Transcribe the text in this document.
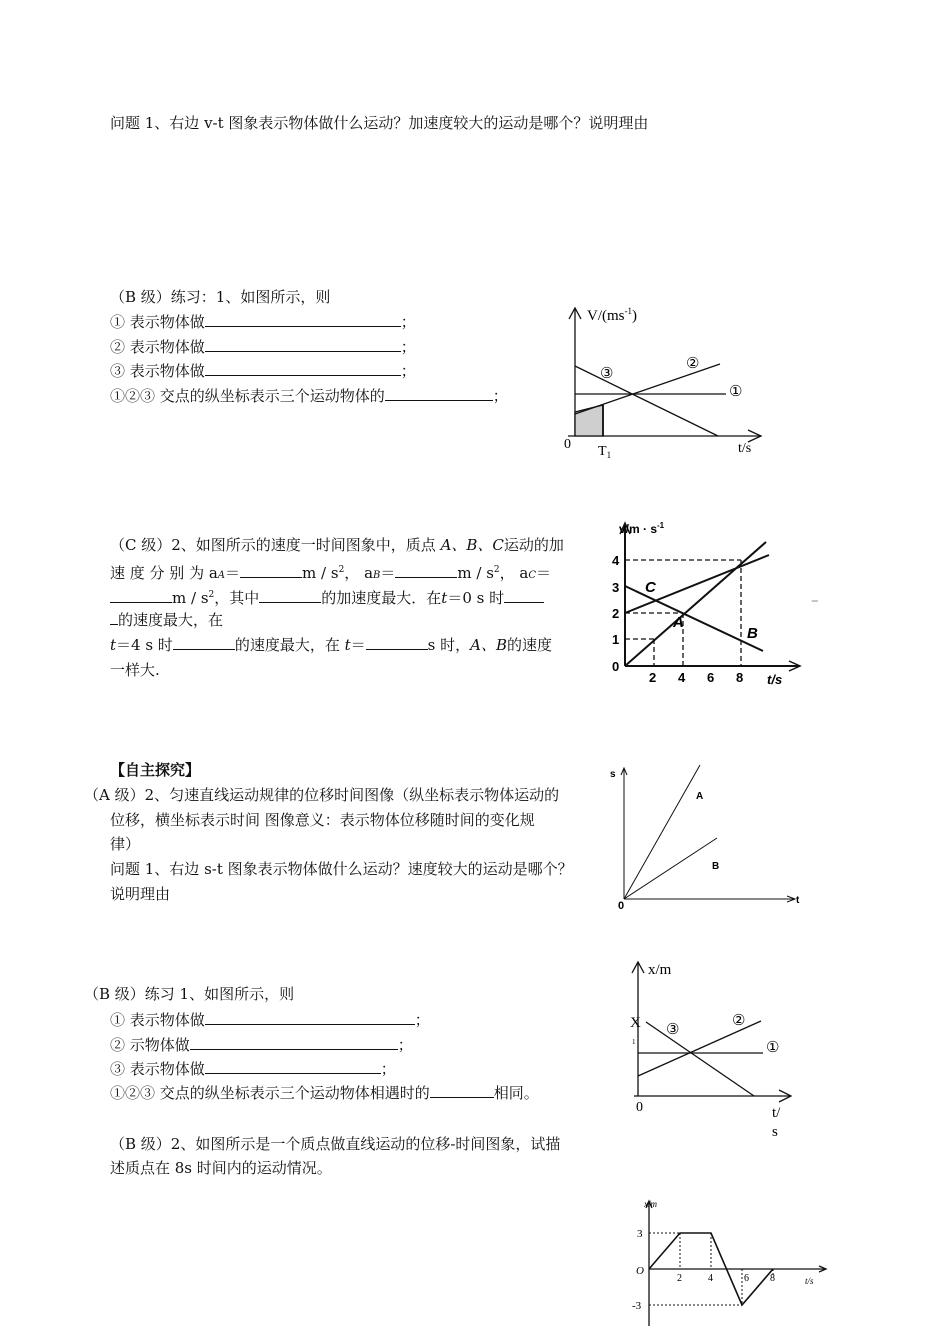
问题 1、右边 v-t 图象表示物体做什么运动？加速度较大的运动是哪个？说明理由
（B 级）练习：1、如图所示，则
① 表示物体做	；
② 表示物体做	；
③ 表示物体做	；
①②③ 交点的纵坐标表示三个运动物体的	；
$V/(ms^{-1})$
0 $T_1$	t/s
③
②
①
（C 级）2、如图所示的速度一时间图象中，质点 A、B、C运动的加
速 度 分 别 为 aA＝	m / $s^2$， aB＝	m / $s^2$， aC＝
m / $s^2$，其中	的加速度最大．在t＝0 s 时
的速度最大，在
t＝4 s 时	的速度最大，在 t＝	s 时，A、B的速度
一样大.
$v/m \cdot s^{-1}$
0
1
2
3
4
2 4 6 8 t/s
C
A
B
–
【自主探究】
（A 级）2、匀速直线运动规律的位移时间图像（纵坐标表示物体运动的
位移，横坐标表示时间 图像意义：表示物体位移随时间的变化规
律）
问题 1、右边 s-t 图象表示物体做什么运动？速度较大的运动是哪个？
说明理由
s
0	t
A
B
（B 级）练习 1、如图所示，则
① 表示物体做	；
② 示物体做	；
③ 表示物体做	；
①②③ 交点的纵坐标表示三个运动物体相遇时的	相同。
x/m
X
1
0
③
②
①
t/
s
（B 级）2、如图所示是一个质点做直线运动的位移-时间图象，试描
述质点在 8s 时间内的运动情况。
x/m
3
O
-3
2	4	6 8	t/s
